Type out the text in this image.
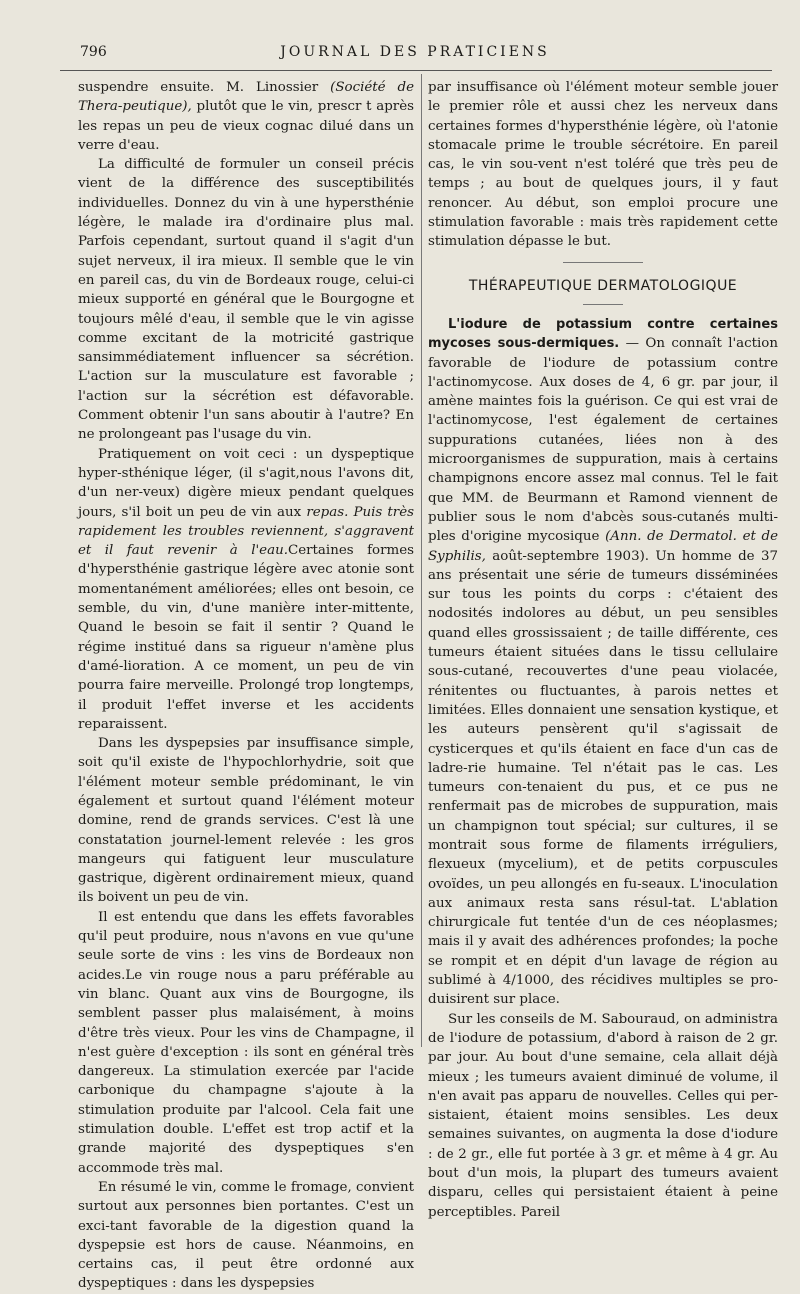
796	JOURNAL DES PRATICIENS

suspendre ensuite. M. Linossier (Société de Thera-peutique), plutôt que le vin, prescr t après les repas un peu de vieux cognac dilué dans un verre d'eau.

La difficulté de formuler un conseil précis vient de la différence des susceptibilités individuelles. Donnez du vin à une hypersthénie légère, le malade ira d'ordinaire plus mal. Parfois cependant, surtout quand il s'agit d'un sujet nerveux, il ira mieux. Il semble que le vin en pareil cas, du vin de Bordeaux rouge, celui-ci mieux supporté en général que le Bourgogne et toujours mêlé d'eau, il semble que le vin agisse comme excitant de la motricité gastrique sansimmédiatement influencer sa sécrétion. L'action sur la musculature est favorable ; l'action sur la sécrétion est défavorable. Comment obtenir l'un sans aboutir à l'autre? En ne prolongeant pas l'usage du vin.

Pratiquement on voit ceci : un dyspeptique hyper-sthénique léger, (il s'agit,nous l'avons dit, d'un ner-veux) digère mieux pendant quelques jours, s'il boit un peu de vin aux repas. Puis très rapidement les troubles reviennent, s'aggravent et il faut revenir à l'eau.Certaines formes d'hypersthénie gastrique légère avec atonie sont momentanément améliorées; elles ont besoin, ce semble, du vin, d'une manière inter-mittente, Quand le besoin se fait il sentir ? Quand le régime institué dans sa rigueur n'amène plus d'amé-lioration. A ce moment, un peu de vin pourra faire merveille. Prolongé trop longtemps, il produit l'effet inverse et les accidents reparaissent.

Dans les dyspepsies par insuffisance simple, soit qu'il existe de l'hypochlorhydrie, soit que l'élément moteur semble prédominant, le vin également et surtout quand l'élément moteur domine, rend de grands services. C'est là une constatation journel-lement relevée : les gros mangeurs qui fatiguent leur musculature gastrique, digèrent ordinairement mieux, quand ils boivent un peu de vin.

Il est entendu que dans les effets favorables qu'il peut produire, nous n'avons en vue qu'une seule sorte de vins : les vins de Bordeaux non acides.Le vin rouge nous a paru préférable au vin blanc. Quant aux vins de Bourgogne, ils semblent passer plus malaisément, à moins d'être très vieux. Pour les vins de Champagne, il n'est guère d'exception : ils sont en général très dangereux. La stimulation exercée par l'acide carbonique du champagne s'ajoute à la stimulation produite par l'alcool. Cela fait une stimulation double. L'effet est trop actif et la grande majorité des dyspeptiques s'en accommode très mal.

En résumé le vin, comme le fromage, convient surtout aux personnes bien portantes. C'est un exci-tant favorable de la digestion quand la dyspepsie est hors de cause. Néanmoins, en certains cas, il peut être ordonné aux dyspeptiques : dans les dyspepsies

par insuffisance où l'élément moteur semble jouer le premier rôle et aussi chez les nerveux dans certaines formes d'hypersthénie légère, où l'atonie stomacale prime le trouble sécrétoire. En pareil cas, le vin sou-vent n'est toléré que très peu de temps ; au bout de quelques jours, il y faut renoncer. Au début, son emploi procure une stimulation favorable : mais très rapidement cette stimulation dépasse le but.

THÉRAPEUTIQUE DERMATOLOGIQUE

L'iodure de potassium contre certaines mycoses sous-dermiques. — On connaît l'action favorable de l'iodure de potassium contre l'actinomycose. Aux doses de 4, 6 gr. par jour, il amène maintes fois la guérison. Ce qui est vrai de l'actinomycose, l'est également de certaines suppurations cutanées, liées non à des microorganismes de suppuration, mais à certains champignons encore assez mal connus. Tel le fait que MM. de Beurmann et Ramond viennent de publier sous le nom d'abcès sous-cutanés multi-ples d'origine mycosique (Ann. de Dermatol. et de Syphilis, août-septembre 1903). Un homme de 37 ans présentait une série de tumeurs disséminées sur tous les points du corps : c'étaient des nodosités indolores au début, un peu sensibles quand elles grossissaient ; de taille différente, ces tumeurs étaient situées dans le tissu cellulaire sous-cutané, recouvertes d'une peau violacée, rénitentes ou fluctuantes, à parois nettes et limitées. Elles donnaient une sensation kystique, et les auteurs pensèrent qu'il s'agissait de cysticerques et qu'ils étaient en face d'un cas de ladre-rie humaine. Tel n'était pas le cas. Les tumeurs con-tenaient du pus, et ce pus ne renfermait pas de microbes de suppuration, mais un champignon tout spécial; sur cultures, il se montrait sous forme de filaments irréguliers, flexueux (mycelium), et de petits corpuscules ovoïdes, un peu allongés en fu-seaux. L'inoculation aux animaux resta sans résul-tat. L'ablation chirurgicale fut tentée d'un de ces néoplasmes; mais il y avait des adhérences profondes; la poche se rompit et en dépit d'un lavage de région au sublimé à 4/1000, des récidives multiples se pro-duisirent sur place.

Sur les conseils de M. Sabouraud, on administra de l'iodure de potassium, d'abord à raison de 2 gr. par jour. Au bout d'une semaine, cela allait déjà mieux ; les tumeurs avaient diminué de volume, il n'en avait pas apparu de nouvelles. Celles qui per-sistaient, étaient moins sensibles. Les deux semaines suivantes, on augmenta la dose d'iodure : de 2 gr., elle fut portée à 3 gr. et même à 4 gr. Au bout d'un mois, la plupart des tumeurs avaient disparu, celles qui persistaient étaient à peine perceptibles. Pareil
